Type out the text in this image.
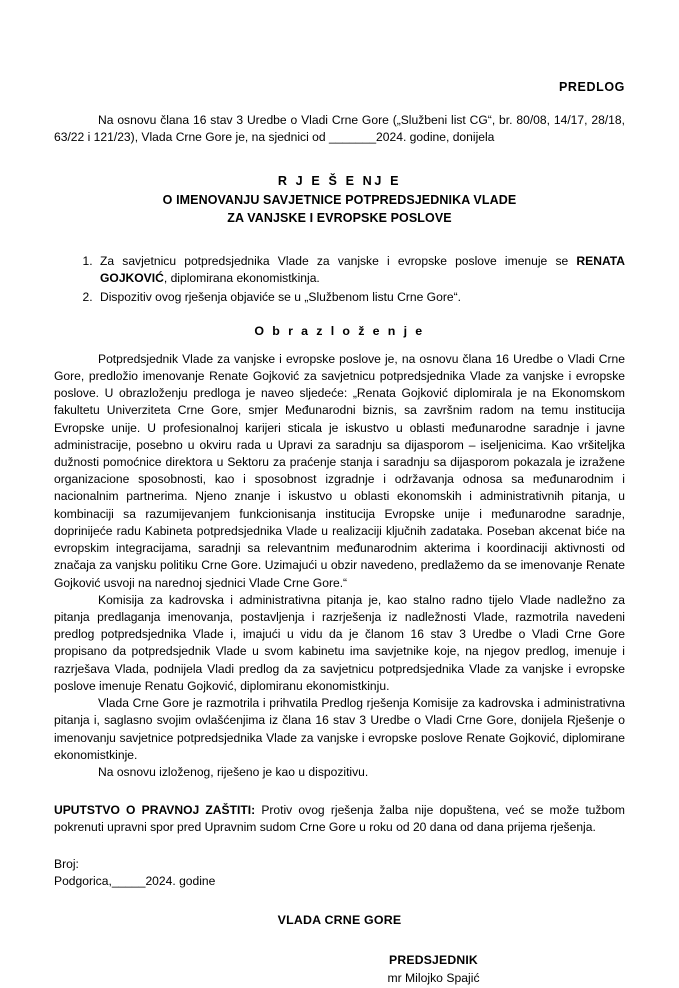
PREDLOG

Na osnovu člana 16 stav 3 Uredbe o Vladi Crne Gore („Službeni list CG“, br. 80/08, 14/17, 28/18, 63/22 i 121/23), Vlada Crne Gore je, na sjednici od _______2024. godine, donijela

R J E Š E NJ E
O IMENOVANJU SAVJETNICE POTPREDSJEDNIKA VLADE
ZA VANJSKE I EVROPSKE POSLOVE
1. Za savjetnicu potpredsjednika Vlade za vanjske i evropske poslove imenuje se RENATA GOJKOVIĆ, diplomirana ekonomistkinja.
2. Dispozitiv ovog rješenja objaviće se u „Službenom listu Crne Gore“.
O b r a z l o ž e n j e

Potpredsjednik Vlade za vanjske i evropske poslove je, na osnovu člana 16 Uredbe o Vladi Crne Gore, predložio imenovanje Renate Gojković za savjetnicu potpredsjednika Vlade za vanjske i evropske poslove. U obrazloženju predloga je naveo sljedeće: „Renata Gojković diplomirala je na Ekonomskom fakultetu Univerziteta Crne Gore, smjer Međunarodni biznis, sa završnim radom na temu institucija Evropske unije. U profesionalnoj karijeri sticala je iskustvo u oblasti međunarodne saradnje i javne administracije, posebno u okviru rada u Upravi za saradnju sa dijasporom – iseljenicima. Kao vršiteljka dužnosti pomoćnice direktora u Sektoru za praćenje stanja i saradnju sa dijasporom pokazala je izražene organizacione sposobnosti, kao i sposobnost izgradnje i održavanja odnosa sa međunarodnim i nacionalnim partnerima. Njeno znanje i iskustvo u oblasti ekonomskih i administrativnih pitanja, u kombinaciji sa razumijevanjem funkcionisanja institucija Evropske unije i međunarodne saradnje, doprinijeće radu Kabineta potpredsjednika Vlade u realizaciji ključnih zadataka. Poseban akcenat biće na evropskim integracijama, saradnji sa relevantnim međunarodnim akterima i koordinaciji aktivnosti od značaja za vanjsku politiku Crne Gore. Uzimajući u obzir navedeno, predlažemo da se imenovanje Renate Gojković usvoji na narednoj sjednici Vlade Crne Gore.“

Komisija za kadrovska i administrativna pitanja je, kao stalno radno tijelo Vlade nadležno za pitanja predlaganja imenovanja, postavljenja i razrješenja iz nadležnosti Vlade, razmotrila navedeni predlog potpredsjednika Vlade i, imajući u vidu da je članom 16 stav 3 Uredbe o Vladi Crne Gore propisano da potpredsjednik Vlade u svom kabinetu ima savjetnike koje, na njegov predlog, imenuje i razrješava Vlada, podnijela Vladi predlog da za savjetnicu potpredsjednika Vlade za vanjske i evropske poslove imenuje Renatu Gojković, diplomiranu ekonomistkinju.

Vlada Crne Gore je razmotrila i prihvatila Predlog rješenja Komisije za kadrovska i administrativna pitanja i, saglasno svojim ovlašćenjima iz člana 16 stav 3 Uredbe o Vladi Crne Gore, donijela Rješenje o imenovanju savjetnice potpredsjednika Vlade za vanjske i evropske poslove Renate Gojković, diplomirane ekonomistkinje.

Na osnovu izloženog, riješeno je kao u dispozitivu.

UPUTSTVO O PRAVNOJ ZAŠTITI: Protiv ovog rješenja žalba nije dopuštena, već se može tužbom pokrenuti upravni spor pred Upravnim sudom Crne Gore u roku od 20 dana od dana prijema rješenja.

Broj:
Podgorica,_____2024. godine
VLADA CRNE GORE
PREDSJEDNIK
mr Milojko Spajić
